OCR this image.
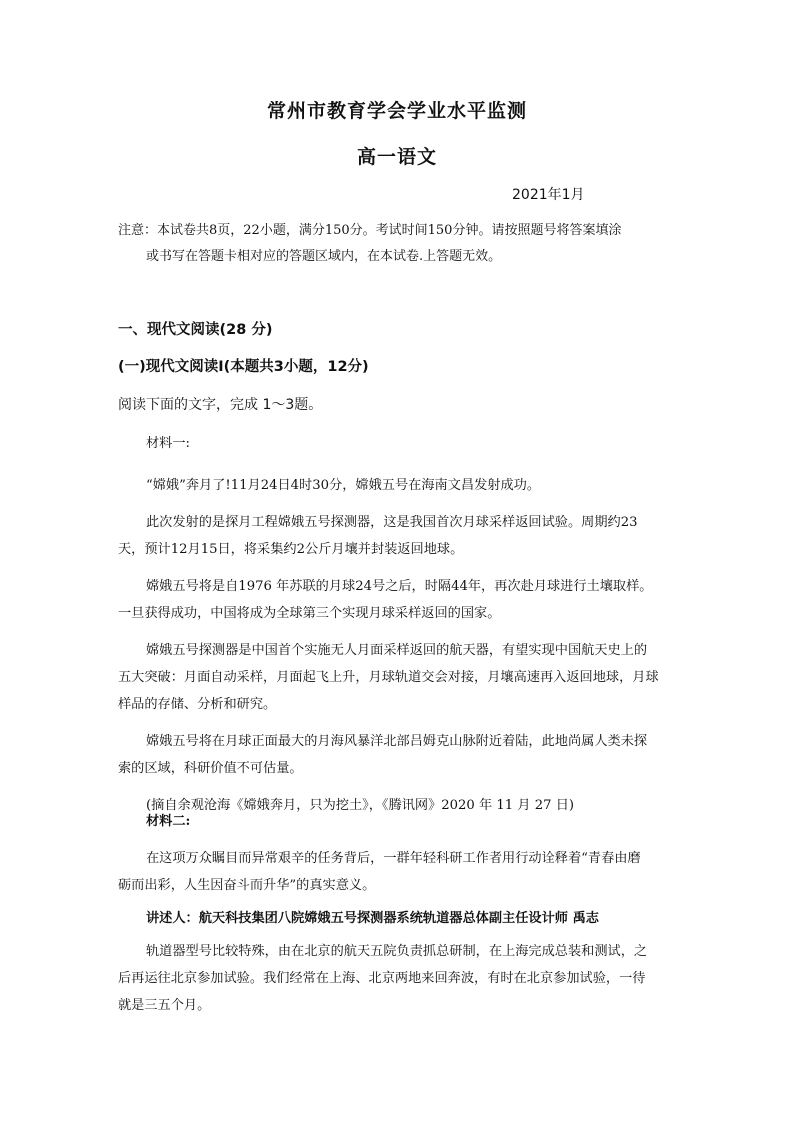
常州市教育学会学业水平监测
高一语文
2021年1月
注意：本试卷共8页，22小题，满分150分。考试时间150分钟。请按照题号将答案填涂
或书写在答题卡相对应的答题区域内，在本试卷.上答题无效。
一、现代文阅读(28 分)
(一)现代文阅读Ⅰ(本题共3小题，12分)
阅读下面的文字，完成 1～3题。
材料一:
“嫦娥”奔月了!11月24日4时30分，嫦娥五号在海南文昌发射成功。
此次发射的是探月工程嫦娥五号探测器，这是我国首次月球采样返回试验。周期约23
天，预计12月15日，将采集约2公斤月壤并封装返回地球。
嫦娥五号将是自1976 年苏联的月球24号之后，时隔44年，再次赴月球进行土壤取样。
一旦获得成功，中国将成为全球第三个实现月球采样返回的国家。
嫦娥五号探测器是中国首个实施无人月面采样返回的航天器，有望实现中国航天史上的
五大突破：月面自动采样，月面起飞上升，月球轨道交会对接，月壤高速再入返回地球，月球
样品的存储、分析和研究。
嫦娥五号将在月球正面最大的月海风暴洋北部吕姆克山脉附近着陆，此地尚属人类未探
索的区域，科研价值不可估量。
(摘自余观沧海《嫦娥奔月，只为挖土》，《腾讯网》2020 年 11 月 27 日)
材料二:
在这项万众瞩目而异常艰辛的任务背后，一群年轻科研工作者用行动诠释着“青春由磨
砺而出彩，人生因奋斗而升华”的真实意义。
讲述人：航天科技集团八院嫦娥五号探测器系统轨道器总体副主任设计师 禹志
轨道器型号比较特殊，由在北京的航天五院负责抓总研制，在上海完成总装和测试，之
后再运往北京参加试验。我们经常在上海、北京两地来回奔波，有时在北京参加试验，一待
就是三五个月。
